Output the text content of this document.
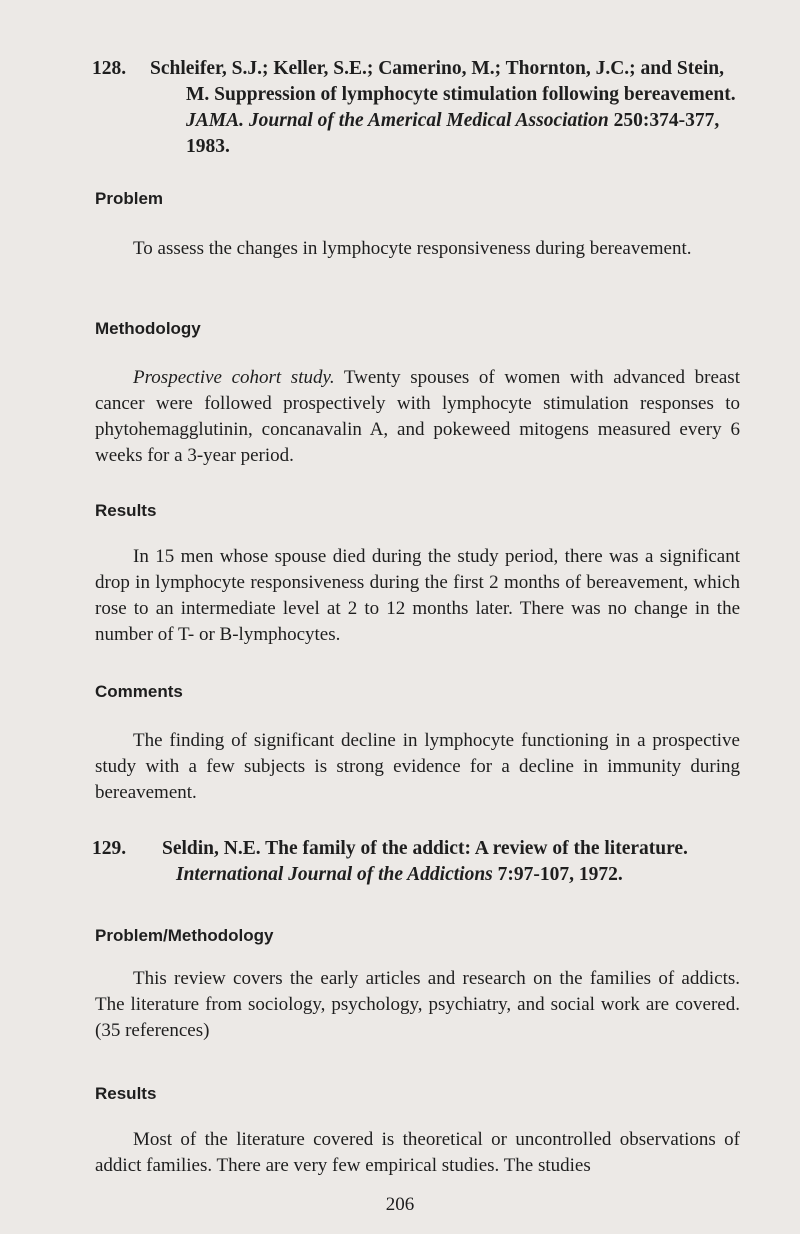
128.	Schleifer, S.J.; Keller, S.E.; Camerino, M.; Thornton, J.C.; and Stein, M. Suppression of lymphocyte stimulation following bereavement. JAMA. Journal of the Americal Medical Association 250:374-377, 1983.
Problem
To assess the changes in lymphocyte responsiveness during bereavement.
Methodology
Prospective cohort study. Twenty spouses of women with advanced breast cancer were followed prospectively with lymphocyte stimulation responses to phytohemagglutinin, concanavalin A, and pokeweed mitogens measured every 6 weeks for a 3-year period.
Results
In 15 men whose spouse died during the study period, there was a significant drop in lymphocyte responsiveness during the first 2 months of bereavement, which rose to an intermediate level at 2 to 12 months later. There was no change in the number of T- or B-lymphocytes.
Comments
The finding of significant decline in lymphocyte functioning in a prospective study with a few subjects is strong evidence for a decline in immunity during bereavement.
129.	Seldin, N.E. The family of the addict: A review of the literature. International Journal of the Addictions 7:97-107, 1972.
Problem/Methodology
This review covers the early articles and research on the families of addicts. The literature from sociology, psychology, psychiatry, and social work are covered. (35 references)
Results
Most of the literature covered is theoretical or uncontrolled observations of addict families. There are very few empirical studies. The studies
206
